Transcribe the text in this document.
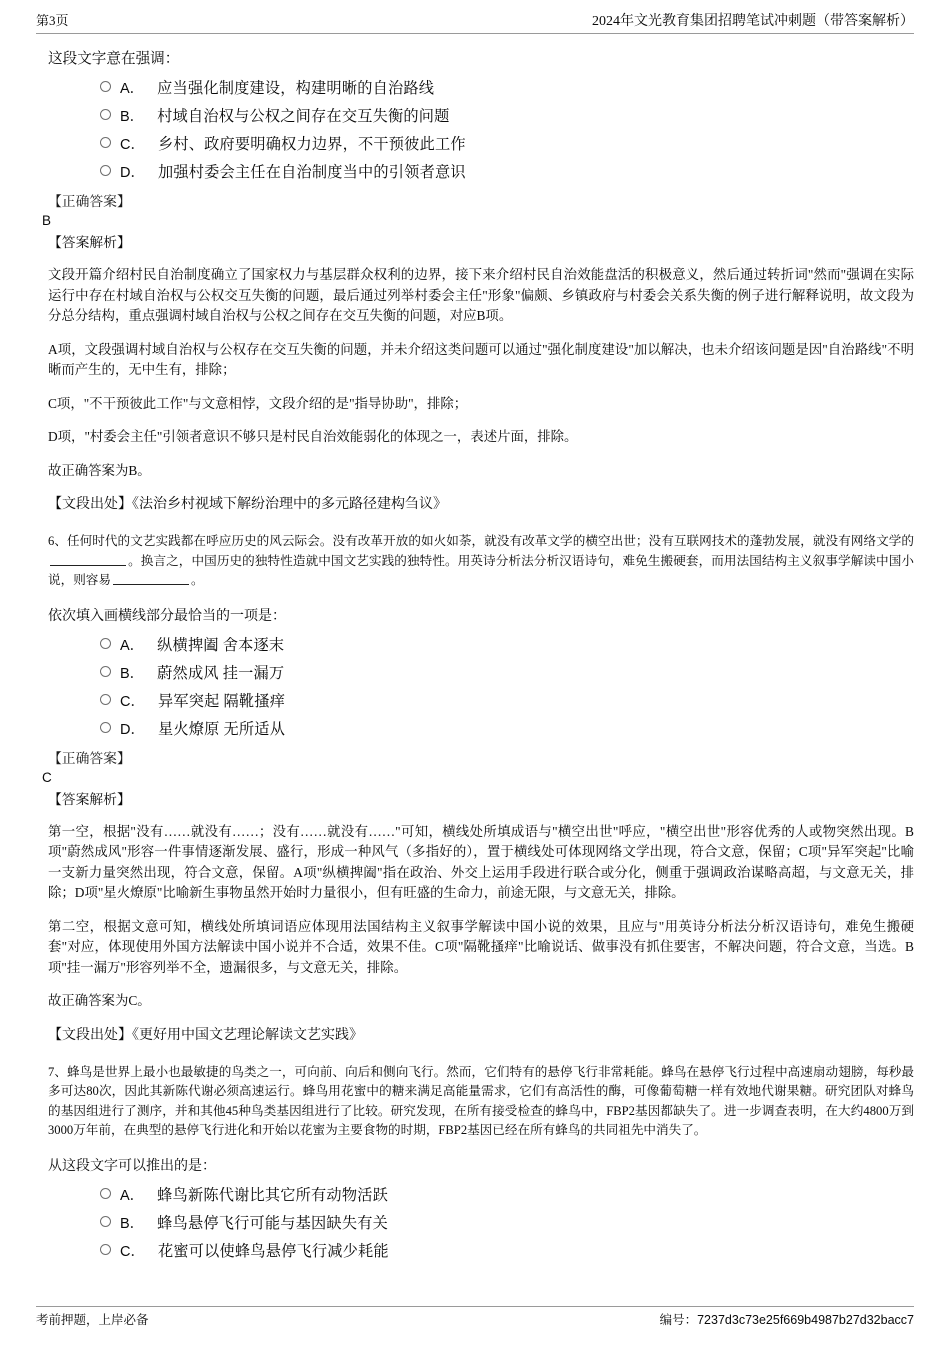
第3页	2024年文光教育集团招聘笔试冲刺题（带答案解析）
这段文字意在强调：
A． 应当强化制度建设，构建明晰的自治路线
B． 村域自治权与公权之间存在交互失衡的问题
C． 乡村、政府要明确权力边界，不干预彼此工作
D． 加强村委会主任在自治制度当中的引领者意识
【正确答案】
B
【答案解析】

文段开篇介绍村民自治制度确立了国家权力与基层群众权利的边界，接下来介绍村民自治效能盘活的积极意义，然后通过转折词"然而"强调在实际运行中存在村域自治权与公权交互失衡的问题，最后通过列举村委会主任"形象"偏颇、乡镇政府与村委会关系失衡的例子进行解释说明，故文段为分总分结构，重点强调村域自治权与公权之间存在交互失衡的问题，对应B项。

A项，文段强调村域自治权与公权存在交互失衡的问题，并未介绍这类问题可以通过"强化制度建设"加以解决，也未介绍该问题是因"自治路线"不明晰而产生的，无中生有，排除；

C项，"不干预彼此工作"与文意相悖，文段介绍的是"指导协助"，排除；

D项，"村委会主任"引领者意识不够只是村民自治效能弱化的体现之一，表述片面，排除。

故正确答案为B。

【文段出处】《法治乡村视域下解纷治理中的多元路径建构刍议》
6、任何时代的文艺实践都在呼应历史的风云际会。没有改革开放的如火如荼，就没有改革文学的横空出世；没有互联网技术的蓬勃发展，就没有网络文学的。换言之，中国历史的独特性造就中国文艺实践的独特性。用英诗分析法分析汉语诗句，难免生搬硬套，而用法国结构主义叙事学解读中国小说，则容易	。
依次填入画横线部分最恰当的一项是：
A． 纵横捭阖 舍本逐末
B． 蔚然成风 挂一漏万
C． 异军突起 隔靴搔痒
D． 星火燎原 无所适从
【正确答案】
C
【答案解析】

第一空，根据"没有……就没有……；没有……就没有……"可知，横线处所填成语与"横空出世"呼应，"横空出世"形容优秀的人或物突然出现。B项"蔚然成风"形容一件事情逐渐发展、盛行，形成一种风气（多指好的），置于横线处可体现网络文学出现，符合文意，保留；C项"异军突起"比喻一支新力量突然出现，符合文意，保留。A项"纵横捭阖"指在政治、外交上运用手段进行联合或分化，侧重于强调政治谋略高超，与文意无关，排除；D项"星火燎原"比喻新生事物虽然开始时力量很小，但有旺盛的生命力，前途无限，与文意无关，排除。

第二空，根据文意可知，横线处所填词语应体现用法国结构主义叙事学解读中国小说的效果，且应与"用英诗分析法分析汉语诗句，难免生搬硬套"对应，体现使用外国方法解读中国小说并不合适，效果不佳。C项"隔靴搔痒"比喻说话、做事没有抓住要害，不解决问题，符合文意，当选。B项"挂一漏万"形容列举不全，遗漏很多，与文意无关，排除。

故正确答案为C。

【文段出处】《更好用中国文艺理论解读文艺实践》

7、蜂鸟是世界上最小也最敏捷的鸟类之一，可向前、向后和侧向飞行。然而，它们特有的悬停飞行非常耗能。蜂鸟在悬停飞行过程中高速扇动翅膀，每秒最多可达80次，因此其新陈代谢必须高速运行。蜂鸟用花蜜中的糖来满足高能量需求，它们有高活性的酶，可像葡萄糖一样有效地代谢果糖。研究团队对蜂鸟的基因组进行了测序，并和其他45种鸟类基因组进行了比较。研究发现，在所有接受检查的蜂鸟中，FBP2基因都缺失了。进一步调查表明，在大约4800万到3000万年前，在典型的悬停飞行进化和开始以花蜜为主要食物的时期，FBP2基因已经在所有蜂鸟的共同祖先中消失了。

从这段文字可以推出的是：
A． 蜂鸟新陈代谢比其它所有动物活跃
B． 蜂鸟悬停飞行可能与基因缺失有关
C． 花蜜可以使蜂鸟悬停飞行减少耗能
考前押题，上岸必备	编号：7237d3c73e25f669b4987b27d32bacc7
